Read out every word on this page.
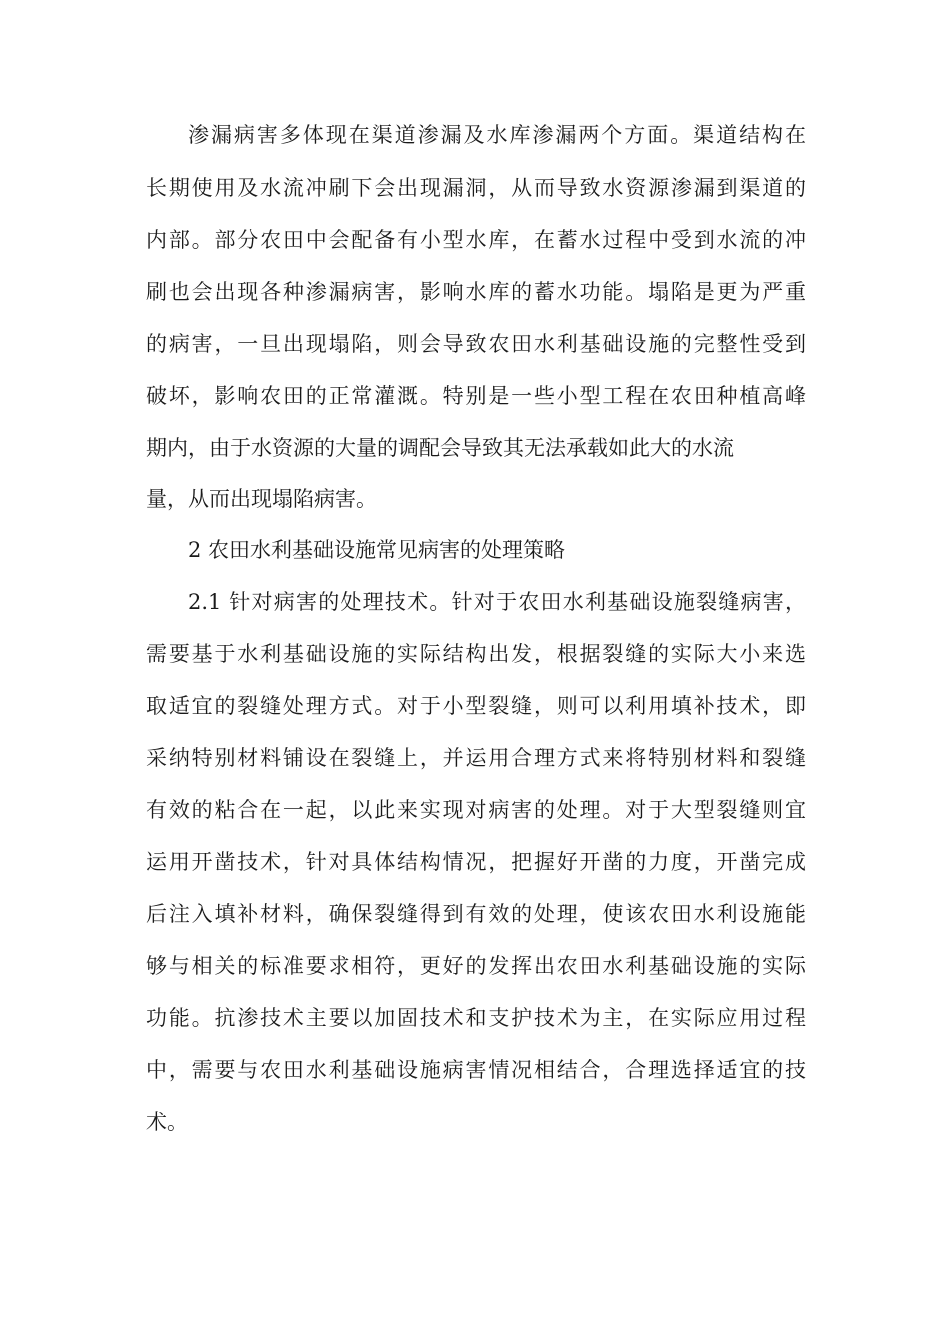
渗漏病害多体现在渠道渗漏及水库渗漏两个方面。渠道结构在
长期使用及水流冲刷下会出现漏洞，从而导致水资源渗漏到渠道的
内部。部分农田中会配备有小型水库，在蓄水过程中受到水流的冲
刷也会出现各种渗漏病害，影响水库的蓄水功能。塌陷是更为严重
的病害，一旦出现塌陷，则会导致农田水利基础设施的完整性受到
破坏，影响农田的正常灌溉。特别是一些小型工程在农田种植高峰
期内，由于水资源的大量的调配会导致其无法承载如此大的水流
量，从而出现塌陷病害。
2 农田水利基础设施常见病害的处理策略
2.1 针对病害的处理技术。针对于农田水利基础设施裂缝病害，
需要基于水利基础设施的实际结构出发，根据裂缝的实际大小来选
取适宜的裂缝处理方式。对于小型裂缝，则可以利用填补技术，即
采纳特别材料铺设在裂缝上，并运用合理方式来将特别材料和裂缝
有效的粘合在一起，以此来实现对病害的处理。对于大型裂缝则宜
运用开凿技术，针对具体结构情况，把握好开凿的力度，开凿完成
后注入填补材料，确保裂缝得到有效的处理，使该农田水利设施能
够与相关的标准要求相符，更好的发挥出农田水利基础设施的实际
功能。抗渗技术主要以加固技术和支护技术为主，在实际应用过程
中，需要与农田水利基础设施病害情况相结合，合理选择适宜的技
术。
